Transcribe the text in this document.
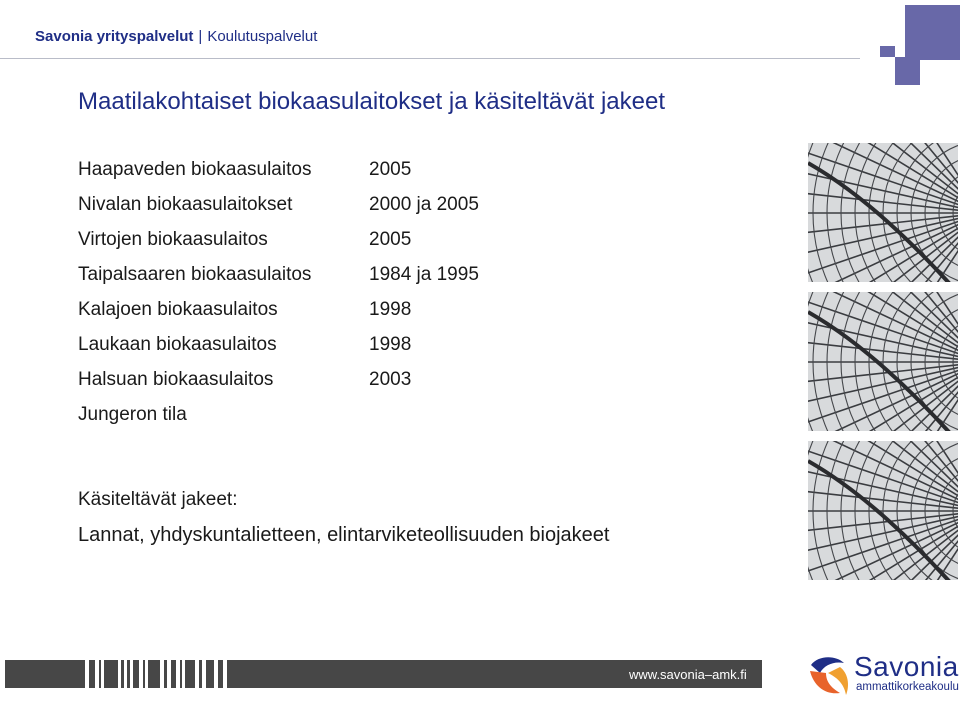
Savonia yrityspalvelut | Koulutuspalvelut
Maatilakohtaiset biokaasulaitokset ja käsiteltävät jakeet
Haapaveden biokaasulaitos	2005
Nivalan biokaasulaitokset	2000 ja 2005
Virtojen biokaasulaitos	2005
Taipalsaaren biokaasulaitos	1984 ja 1995
Kalajoen biokaasulaitos	1998
Laukaan biokaasulaitos	1998
Halsuan biokaasulaitos	2003
Jungeron tila
Käsiteltävät jakeet:
Lannat, yhdyskuntalietteen, elintarviketeollisuuden biojakeet
www.savonia–amk.fi	Savonia
ammattikorkeakoulu
